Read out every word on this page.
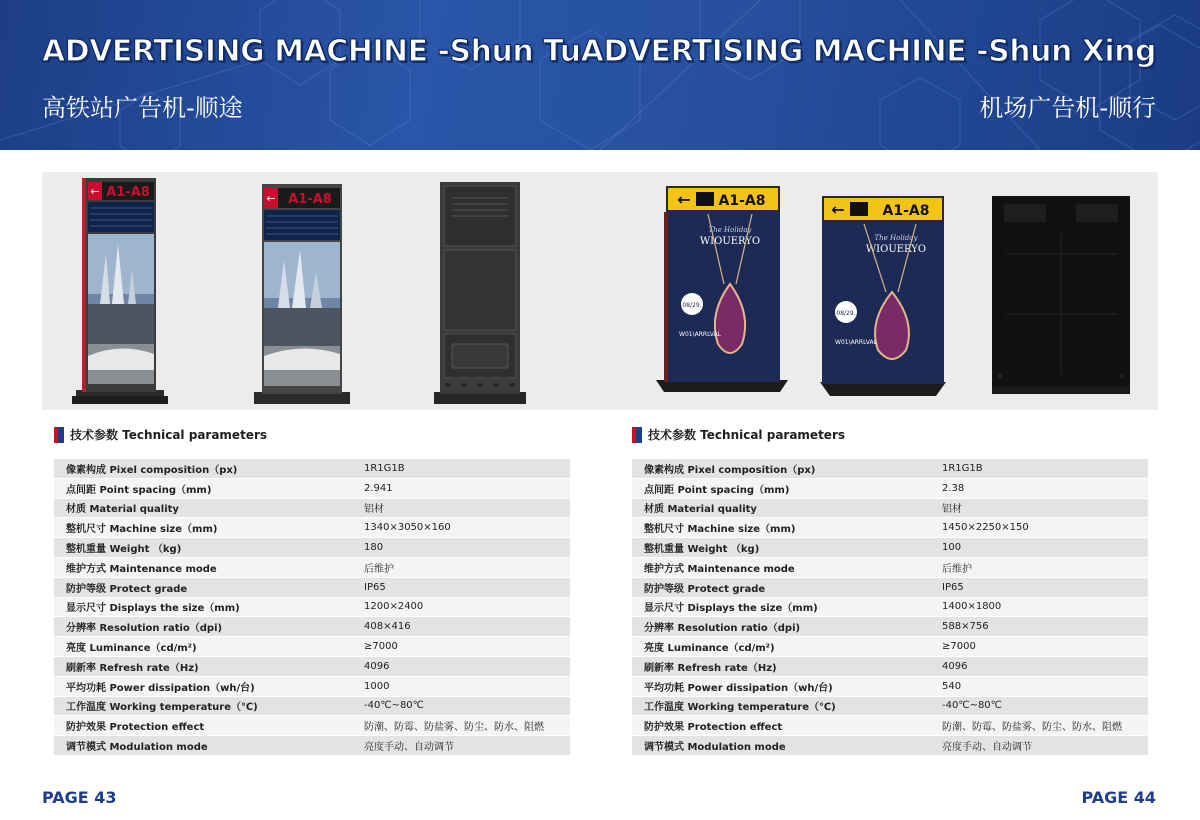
ADVERTISING MACHINE -Shun Tu
高铁站广告机-顺途
ADVERTISING MACHINE -Shun Xing
机场广告机-顺行
← A1-A8	← A1-A8	← A1-A8
The Holiday
WIOUERYO
08/29.
W01\ARRLVAL
←	A1-A8
The Holiday
WIOUERYO
08/29.
W01\ARRLVAL
技术参数 Technical parameters
像素构成 Pixel composition（px)	1R1G1B
点间距 Point spacing（mm)	2.941
材质 Material quality	铝材
整机尺寸 Machine size（mm)	1340×3050×160
整机重量 Weight （kg)	180
维护方式 Maintenance mode	后维护
防护等级 Protect grade	IP65
显示尺寸 Displays the size（mm)	1200×2400
分辨率 Resolution ratio（dpi)	408×416
亮度 Luminance（cd/m²)	≥7000
刷新率 Refresh rate（Hz)	4096
平均功耗 Power dissipation（wh/台)	1000
工作温度 Working temperature（℃)	-40℃~80℃
防护效果 Protection effect	防潮、防霉、防盐雾、防尘、防水、阻燃
调节模式 Modulation mode	亮度手动、自动调节
技术参数 Technical parameters
像素构成 Pixel composition（px)	1R1G1B
点间距 Point spacing（mm)	2.38
材质 Material quality	铝材
整机尺寸 Machine size（mm)	1450×2250×150
整机重量 Weight （kg)	100
维护方式 Maintenance mode	后维护
防护等级 Protect grade	IP65
显示尺寸 Displays the size（mm)	1400×1800
分辨率 Resolution ratio（dpi)	588×756
亮度 Luminance（cd/m²)	≥7000
刷新率 Refresh rate（Hz)	4096
平均功耗 Power dissipation（wh/台)	540
工作温度 Working temperature（℃)	-40℃~80℃
防护效果 Protection effect	防潮、防霉、防盐雾、防尘、防水、阻燃
调节模式 Modulation mode	亮度手动、自动调节
PAGE 43	PAGE 44
